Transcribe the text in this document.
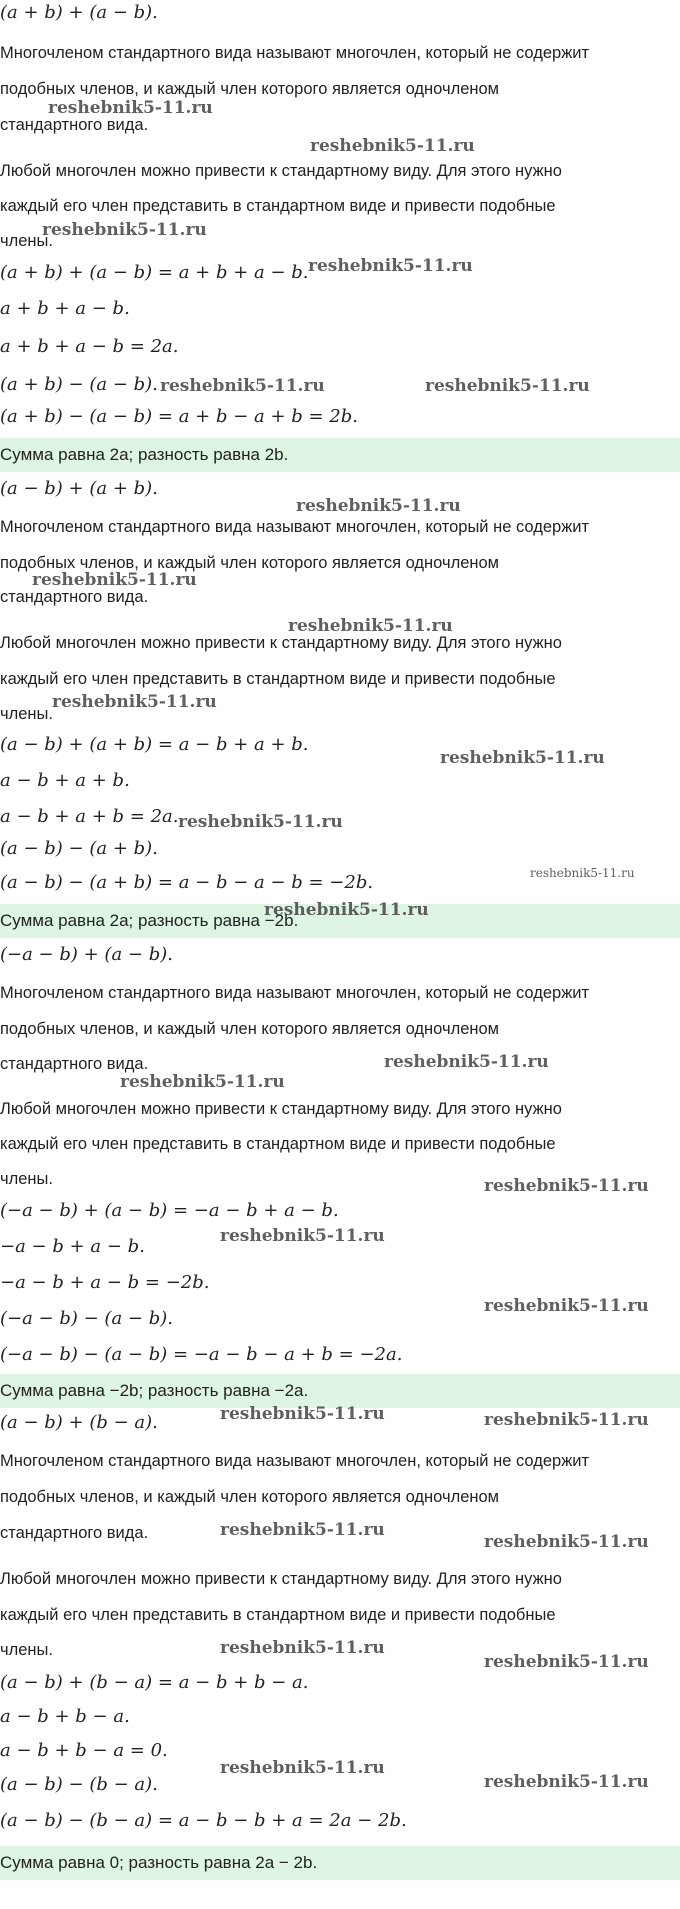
(a + b) + (a − b).
Многочленом стандартного вида называют многочлен, который не содержит
подобных членов, и каждый член которого является одночленом
стандартного вида.
Любой многочлен можно привести к стандартному виду. Для этого нужно
каждый его член представить в стандартном виде и привести подобные
члены.
(a + b) + (a − b) = a + b + a − b.
a + b + a − b.
a + b + a − b = 2a.
(a + b) − (a − b).
(a + b) − (a − b) = a + b − a + b = 2b.
Сумма равна 2a; разность равна 2b.
(a − b) + (a + b).
Многочленом стандартного вида называют многочлен, который не содержит
подобных членов, и каждый член которого является одночленом
стандартного вида.
Любой многочлен можно привести к стандартному виду. Для этого нужно
каждый его член представить в стандартном виде и привести подобные
члены.
(a − b) + (a + b) = a − b + a + b.
a − b + a + b.
a − b + a + b = 2a.
(a − b) − (a + b).
(a − b) − (a + b) = a − b − a − b = −2b.
Сумма равна 2a; разность равна −2b.
(−a − b) + (a − b).
Многочленом стандартного вида называют многочлен, который не содержит
подобных членов, и каждый член которого является одночленом
стандартного вида.
Любой многочлен можно привести к стандартному виду. Для этого нужно
каждый его член представить в стандартном виде и привести подобные
члены.
(−a − b) + (a − b) = −a − b + a − b.
−a − b + a − b.
−a − b + a − b = −2b.
(−a − b) − (a − b).
(−a − b) − (a − b) = −a − b − a + b = −2a.
Сумма равна −2b; разность равна −2a.
(a − b) + (b − a).
Многочленом стандартного вида называют многочлен, который не содержит
подобных членов, и каждый член которого является одночленом
стандартного вида.
Любой многочлен можно привести к стандартному виду. Для этого нужно
каждый его член представить в стандартном виде и привести подобные
члены.
(a − b) + (b − a) = a − b + b − a.
a − b + b − a.
a − b + b − a = 0.
(a − b) − (b − a).
(a − b) − (b − a) = a − b − b + a = 2a − 2b.
Сумма равна 0; разность равна 2a − 2b.
reshebnik5-11.ru
reshebnik5-11.ru
reshebnik5-11.ru
reshebnik5-11.ru
reshebnik5-11.ru	reshebnik5-11.ru
reshebnik5-11.ru
reshebnik5-11.ru
reshebnik5-11.ru
reshebnik5-11.ru
reshebnik5-11.ru
reshebnik5-11.ru
reshebnik5-11.ru
reshebnik5-11.ru
reshebnik5-11.ru
reshebnik5-11.ru
reshebnik5-11.ru
reshebnik5-11.ru
reshebnik5-11.ru
reshebnik5-11.ru	reshebnik5-11.ru
reshebnik5-11.ru
reshebnik5-11.ru
reshebnik5-11.ru
reshebnik5-11.ru
reshebnik5-11.ru
reshebnik5-11.ru
